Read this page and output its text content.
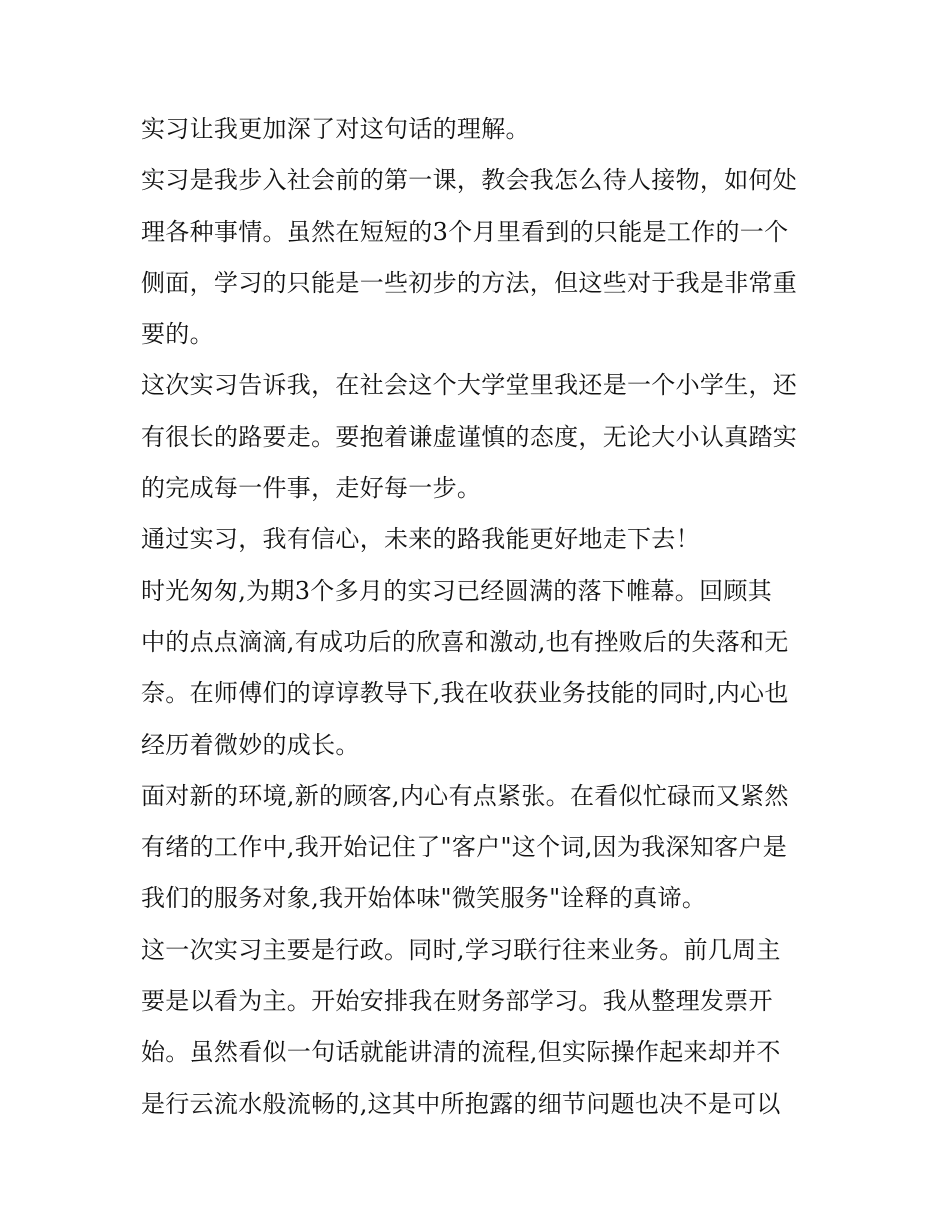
实习让我更加深了对这句话的理解。
实习是我步入社会前的第一课，教会我怎么待人接物，如何处
理各种事情。虽然在短短的3个月里看到的只能是工作的一个
侧面，学习的只能是一些初步的方法，但这些对于我是非常重
要的。
这次实习告诉我，在社会这个大学堂里我还是一个小学生，还
有很长的路要走。要抱着谦虚谨慎的态度，无论大小认真踏实
的完成每一件事，走好每一步。
通过实习，我有信心，未来的路我能更好地走下去！
时光匆匆,为期3个多月的实习已经圆满的落下帷幕。回顾其
中的点点滴滴,有成功后的欣喜和激动,也有挫败后的失落和无
奈。在师傅们的谆谆教导下,我在收获业务技能的同时,内心也
经历着微妙的成长。
面对新的环境,新的顾客,内心有点紧张。在看似忙碌而又紧然
有绪的工作中,我开始记住了"客户"这个词,因为我深知客户是
我们的服务对象,我开始体味"微笑服务"诠释的真谛。
这一次实习主要是行政。同时,学习联行往来业务。前几周主
要是以看为主。开始安排我在财务部学习。我从整理发票开
始。虽然看似一句话就能讲清的流程,但实际操作起来却并不
是行云流水般流畅的,这其中所抱露的细节问题也决不是可以
